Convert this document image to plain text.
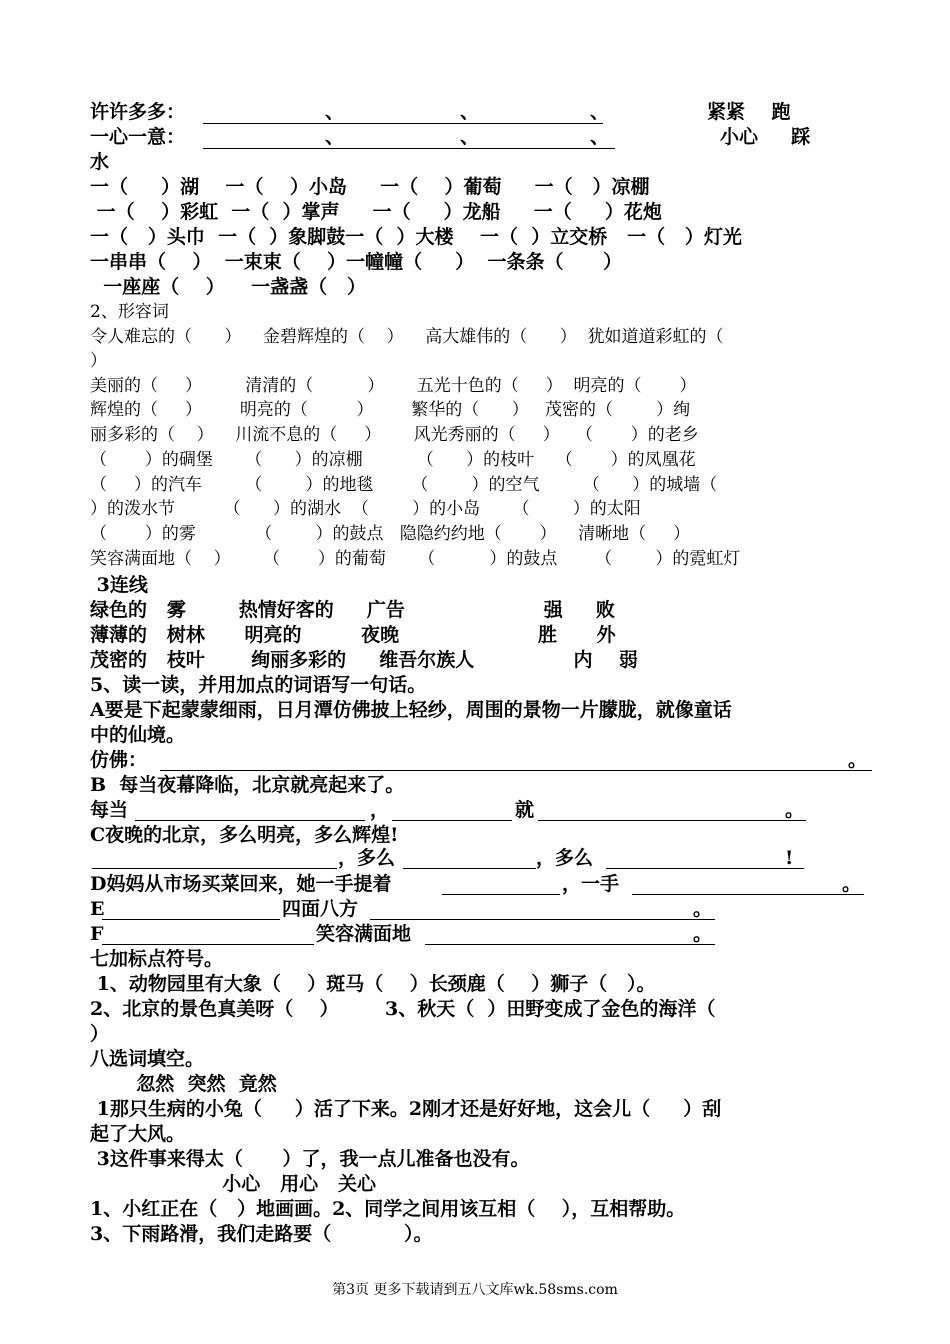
许许多多：	、	、	、	紧紧    跑
一心一意：	、	、	、	小心     踩
水
一（     ）湖    一（    ）小岛     一（    ）葡萄     一（   ）凉棚
一（    ）彩虹  一（  ）掌声     一（     ）龙船     一（     ）花炮
一（   ）头巾  一（  ）象脚鼓一（  ）大楼    一（  ）立交桥   一（   ）灯光
一串串（    ）  一束束（    ）一幢幢（     ）  一条条（      ）
一座座（    ）    一盏盏（   ）
2、形容词
令人难忘的（      ）    金碧辉煌的（    ）    高大雄伟的（      ）  犹如道道彩虹的（
）
美丽的（     ）        清清的（          ）      五光十色的（     ）  明亮的（       ）
辉煌的（     ）       明亮的（         ）       繁华的（      ）   茂密的（        ）绚
丽多彩的（    ）    川流不息的（     ）      风光秀丽的（     ）   （       ）的老乡
（       ）的碉堡      （      ）的凉棚          （      ）的枝叶    （       ）的凤凰花
（     ）的汽车        （        ）的地毯       （        ）的空气        （      ）的城墙（
）的泼水节         （      ）的湖水  （        ）的小岛      （        ）的太阳
（       ）的雾           （        ）的鼓点   隐隐约约地（       ）    清晰地（     ）
笑容满面地（    ）      （       ）的葡萄      （          ）的鼓点       （        ）的霓虹灯
3连线
绿色的   雾        热情好客的     广告                     强     败
薄薄的   树林      明亮的         夜晚                     胜      外
茂密的   枝叶       绚丽多彩的     维吾尔族人               内    弱
5、读一读，并用加点的词语写一句话。
A要是下起蒙蒙细雨，日月潭仿佛披上轻纱，周围的景物一片朦胧，就像童话
中的仙境。
仿佛：	。
B  每当夜幕降临，北京就亮起来了。
每当	，	就	。
C夜晚的北京，多么明亮，多么辉煌!
，多么	，多么	!
D妈妈从市场买菜回来，她一手提着	，一手	。
E	四面八方	。
F	笑容满面地	。
七加标点符号。
1、动物园里有大象（    ）斑马（    ）长颈鹿（    ）狮子（   ）。
2、北京的景色真美呀（    ）       3、秋天（  ）田野变成了金色的海洋（
）
八选词填空。
忽然  突然  竟然
1那只生病的小兔（     ）活了下来。2刚才还是好好地，这会儿（     ）刮
起了大风。
3这件事来得太（      ）了，我一点儿准备也没有。
小心   用心   关心
1、小红正在（   ）地画画。2、同学之间用该互相（    ），互相帮助。
3、下雨路滑，我们走路要（           ）。
第3页 更多下载请到五八文库wk.58sms.com
